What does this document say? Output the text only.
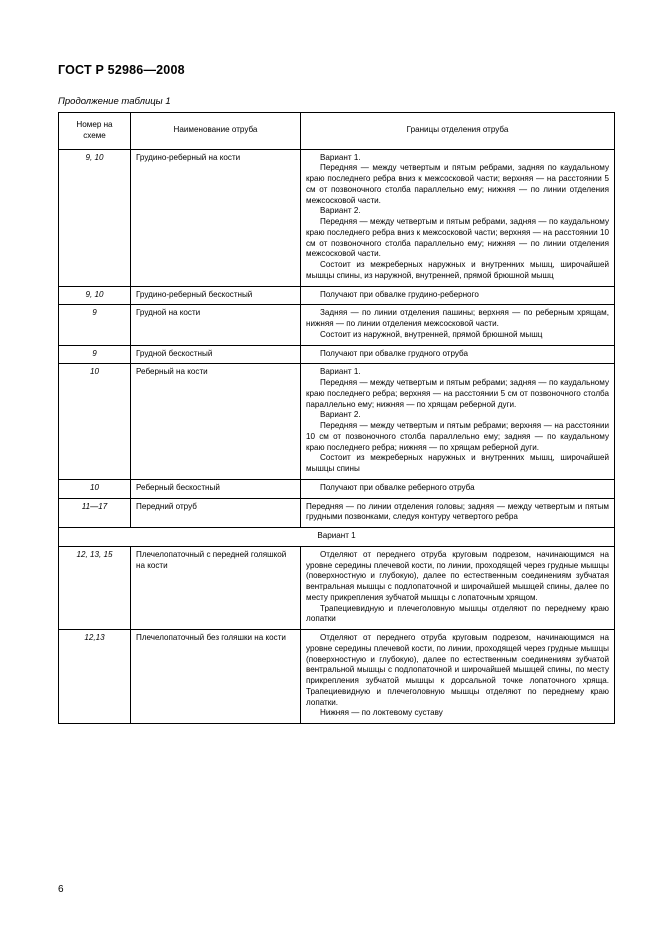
ГОСТ Р 52986—2008
Продолжение таблицы 1
Номер на
схеме	Наименование отруба	Границы отделения отруба
9, 10	Грудино-реберный на кости	Вариант 1.

Передняя — между четвертым и пятым ребрами, задняя по каудальному краю последнего ребра вниз к межсосковой части; верхняя — на расстоянии 5 см от позвоночного столба параллельно ему; нижняя — по линии отделения межсосковой части.

Вариант 2.

Передняя — между четвертым и пятым ребрами, задняя — по каудальному краю последнего ребра вниз к межсосковой части; верхняя — на расстоянии 10 см от позвоночного столба параллельно ему; нижняя — по линии отделения межсосковой части.

Состоит из межреберных наружных и внутренних мышц, широчайшей мышцы спины, из наружной, внутренней, прямой брюшной мышц

9, 10	Грудино-реберный бескостный	Получают при обвалке грудино-реберного

9	Грудной на кости	Задняя — по линии отделения пашины; верхняя — по реберным хрящам, нижняя — по линии отделения межсосковой части.

Состоит из наружной, внутренней, прямой брюшной мышц

9	Грудной бескостный	Получают при обвалке грудного отруба

10	Реберный на кости	Вариант 1.

Передняя — между четвертым и пятым ребрами; задняя — по каудальному краю последнего ребра; верхняя — на расстоянии 5 см от позвоночного столба параллельно ему; нижняя — по хрящам реберной дуги.

Вариант 2.

Передняя — между четвертым и пятым ребрами; верхняя — на расстоянии 10 см от позвоночного столба параллельно ему; задняя — по каудальному краю последнего ребра; нижняя — по хрящам реберной дуги.

Состоит из межреберных наружных и внутренних мышц, широчайшей мышцы спины

10	Реберный бескостный	Получают при обвалке реберного отруба

11—17	Передний отруб	Передняя — по линии отделения головы; задняя — между четвертым и пятым грудными позвонками, следуя контуру четвертого ребра

Вариант 1		
12, 13, 15	Плечелопаточный с передней голяшкой на кости	Отделяют от переднего отруба круговым подрезом, начинающимся на уровне середины плечевой кости, по линии, проходящей через грудные мышцы (поверхностную и глубокую), далее по естественным соединениям зубчатая вентральная мышцы с подлопаточной и широчайшей мышцей спины, далее по месту прикрепления зубчатой мышцы с лопаточным хрящом.

Трапециевидную и плечеголовную мышцы отделяют по переднему краю лопатки

12,13	Плечелопаточный без голяшки на кости	Отделяют от переднего отруба круговым подрезом, начинающимся на уровне середины плечевой кости, по линии, проходящей через грудные мышцы (поверхностную и глубокую), далее по естественным соединениям зубчатой вентральной мышцы с подлопаточной и широчайшей мышцей спины, по месту прикрепления зубчатой мышцы к дорсальной точке лопаточного хряща. Трапециевидную и плечеголовную мышцы отделяют по переднему краю лопатки.

Нижняя — по локтевому суставу

6
